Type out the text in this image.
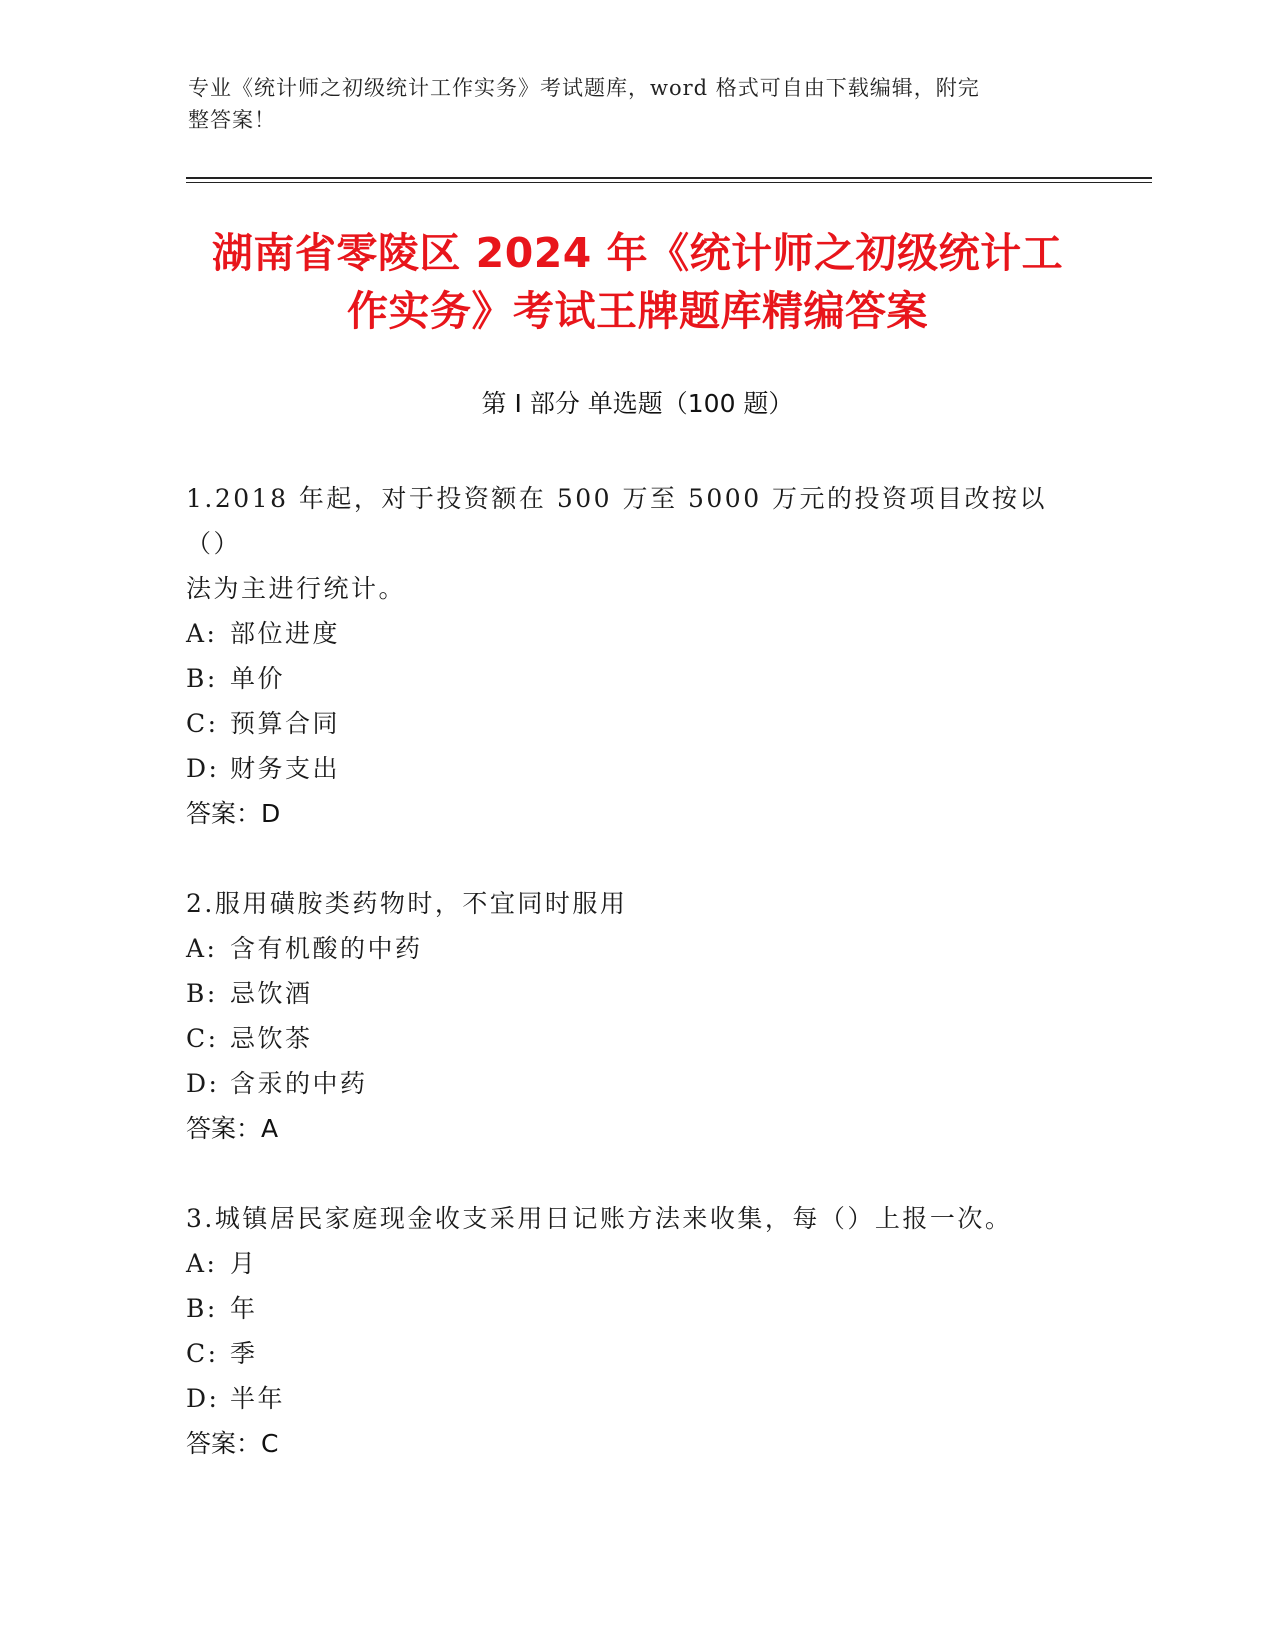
专业《统计师之初级统计工作实务》考试题库，word 格式可自由下载编辑，附完
整答案！
湖南省零陵区 2024 年《统计师之初级统计工
作实务》考试王牌题库精编答案
第 I 部分 单选题（100 题）
1.2018 年起，对于投资额在 500 万至 5000 万元的投资项目改按以（）
法为主进行统计。
A: 部位进度
B: 单价
C: 预算合同
D: 财务支出
答案：D
2.服用磺胺类药物时，不宜同时服用
A: 含有机酸的中药
B: 忌饮酒
C: 忌饮茶
D: 含汞的中药
答案：A
3.城镇居民家庭现金收支采用日记账方法来收集，每（）上报一次。
A: 月
B: 年
C: 季
D: 半年
答案：C
